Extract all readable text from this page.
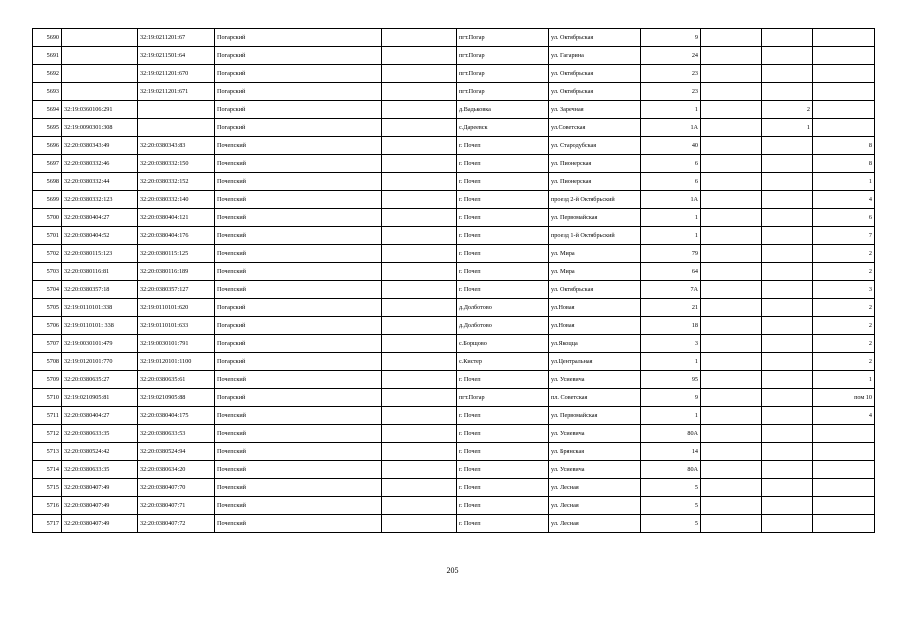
5690		32:19:0211201:67	Погарский		пгт.Погар	ул. Октябрьская	9			
5691		32:19:0211501:64	Погарский		пгт.Погар	ул. Гагарина	24			
5692		32:19:0211201:670	Погарский		пгт.Погар	ул. Октябрьская	23			
5693		32:19:0211201:671	Погарский		пгт.Погар	ул. Октябрьская	23			
5694	32:19:0360106:291		Погарский		д.Вадьковка	ул. Заречная	1		2	
5695	32:19:0090301:308		Погарский		с.Дареевск	ул.Советская	1А		1	
5696	32:20:0380343:49	32:20:0380343:83	Почепский		г. Почеп	ул. Стародубская	40			8
5697	32:20:0380332:46	32:20:0380332:150	Почепский		г. Почеп	ул. Пионерская	6			8
5698	32:20:0380332:44	32:20:0380332:152	Почепский		г. Почеп	ул. Пионерская	6			1
5699	32:20:0380332:123	32:20:0380332:140	Почепский		г. Почеп	проезд 2-й Октябрьский	1А			4
5700	32:20:0380404:27	32:20:0380404:121	Почепский		г. Почеп	ул. Первомайская	1			6
5701	32:20:0380404:52	32:20:0380404:176	Почепский		г. Почеп	проезд 1-й Октябрьский	1			7
5702	32:20:0380115:123	32:20:0380115:125	Почепский		г. Почеп	ул. Мира	79			2
5703	32:20:0380116:81	32:20:0380116:189	Почепский		г. Почеп	ул. Мира	64			2
5704	32:20:0380357:18	32:20:0380357:127	Почепский		г. Почеп	ул. Октябрьская	7А			3
5705	32:19:0110101:338	32:19:0110101:620	Погарский		д.Долботово	ул.Новая	21			2
5706	32:19:0110101: 338	32:19:0110101:633	Погарский		д.Долботово	ул.Новая	18			2
5707	32:19:0030101:479	32:19:0030101:791	Погарский		с.Борщово	ул.Якоцца	3			2
5708	32:19:0120101:770	32:19:0120101:1100	Погарский		с.Кистер	ул.Центральная	1			2
5709	32:20:0380635:27	32:20:0380635:61	Почепский		г. Почеп	ул. Усиевича	95			1
5710	32:19:0210905:81	32:19:0210905:88	Погарский		пгт.Погар	пл. Советская	9			пом 10
5711	32:20:0380404:27	32:20:0380404:175	Почепский		г. Почеп	ул. Первомайская	1			4
5712	32:20:0380633:35	32:20:0380633:53	Почепский		г. Почеп	ул. Усиевича	80А			
5713	32:20:0380524:42	32:20:0380524:94	Почепский		г. Почеп	ул. Брянская	14			
5714	32:20:0380633:35	32:20:0380634:20	Почепский		г. Почеп	ул. Усиевича	80А			
5715	32:20:0380407:49	32:20:0380407:70	Почепский		г. Почеп	ул. Лесная	5			
5716	32:20:0380407:49	32:20:0380407:71	Почепский		г. Почеп	ул. Лесная	5			
5717	32:20:0380407:49	32:20:0380407:72	Почепский		г. Почеп	ул. Лесная	5			
205
